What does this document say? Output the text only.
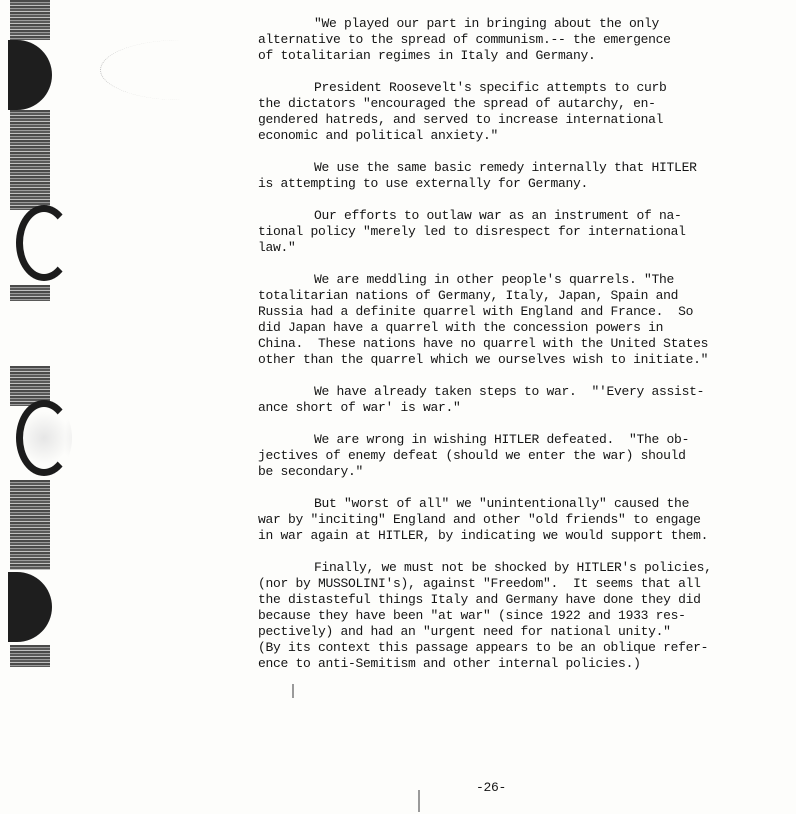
"We played our part in bringing about the only
alternative to the spread of communism.-- the emergence
of totalitarian regimes in Italy and Germany.
President Roosevelt's specific attempts to curb
the dictators "encouraged the spread of autarchy, en-
gendered hatreds, and served to increase international
economic and political anxiety."
We use the same basic remedy internally that HITLER
is attempting to use externally for Germany.
Our efforts to outlaw war as an instrument of na-
tional policy "merely led to disrespect for international
law."
We are meddling in other people's quarrels. "The
totalitarian nations of Germany, Italy, Japan, Spain and
Russia had a definite quarrel with England and France.  So
did Japan have a quarrel with the concession powers in
China.  These nations have no quarrel with the United States
other than the quarrel which we ourselves wish to initiate."
We have already taken steps to war.  "'Every assist-
ance short of war' is war."
We are wrong in wishing HITLER defeated.  "The ob-
jectives of enemy defeat (should we enter the war) should
be secondary."
But "worst of all" we "unintentionally" caused the
war by "inciting" England and other "old friends" to engage
in war again at HITLER, by indicating we would support them.
Finally, we must not be shocked by HITLER's policies,
(nor by MUSSOLINI's), against "Freedom".  It seems that all
the distasteful things Italy and Germany have done they did
because they have been "at war" (since 1922 and 1933 res-
pectively) and had an "urgent need for national unity."
(By its context this passage appears to be an oblique refer-
ence to anti-Semitism and other internal policies.)
-26-
